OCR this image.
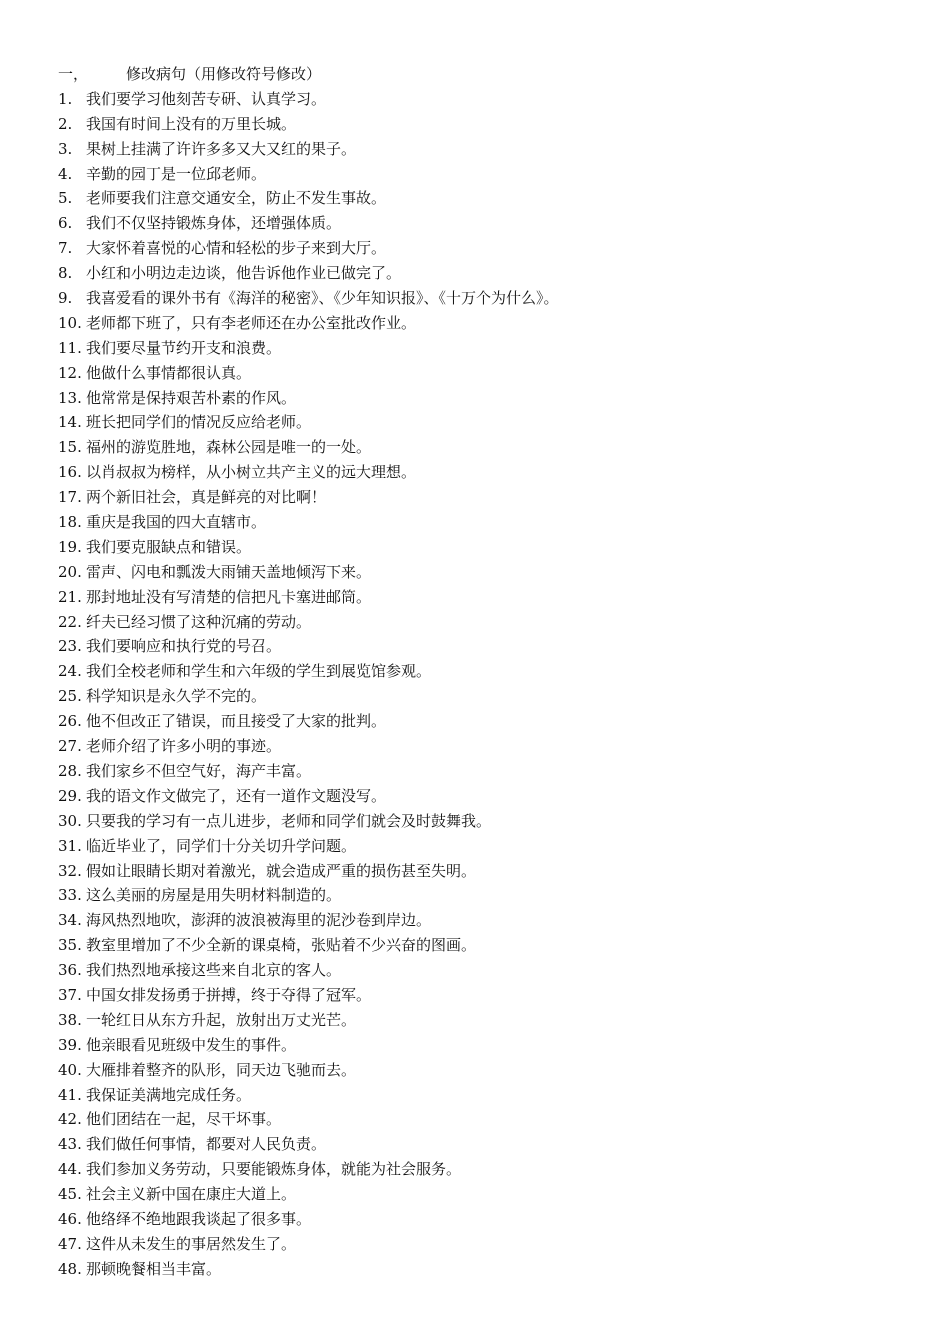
一，	修改病句（用修改符号修改）
1. 我们要学习他刻苦专研、认真学习。
2. 我国有时间上没有的万里长城。
3. 果树上挂满了许许多多又大又红的果子。
4. 辛勤的园丁是一位邱老师。
5. 老师要我们注意交通安全，防止不发生事故。
6. 我们不仅坚持锻炼身体，还增强体质。
7. 大家怀着喜悦的心情和轻松的步子来到大厅。
8. 小红和小明边走边谈，他告诉他作业已做完了。
9. 我喜爱看的课外书有《海洋的秘密》、《少年知识报》、《十万个为什么》。
10. 老师都下班了，只有李老师还在办公室批改作业。
11. 我们要尽量节约开支和浪费。
12. 他做什么事情都很认真。
13. 他常常是保持艰苦朴素的作风。
14. 班长把同学们的情况反应给老师。
15. 福州的游览胜地，森林公园是唯一的一处。
16. 以肖叔叔为榜样，从小树立共产主义的远大理想。
17. 两个新旧社会，真是鲜亮的对比啊！
18. 重庆是我国的四大直辖市。
19. 我们要克服缺点和错误。
20. 雷声、闪电和瓢泼大雨铺天盖地倾泻下来。
21. 那封地址没有写清楚的信把凡卡塞进邮筒。
22. 纤夫已经习惯了这种沉痛的劳动。
23. 我们要响应和执行党的号召。
24. 我们全校老师和学生和六年级的学生到展览馆参观。
25. 科学知识是永久学不完的。
26. 他不但改正了错误，而且接受了大家的批判。
27. 老师介绍了许多小明的事迹。
28. 我们家乡不但空气好，海产丰富。
29. 我的语文作文做完了，还有一道作文题没写。
30. 只要我的学习有一点儿进步，老师和同学们就会及时鼓舞我。
31. 临近毕业了，同学们十分关切升学问题。
32. 假如让眼睛长期对着激光，就会造成严重的损伤甚至失明。
33. 这么美丽的房屋是用失明材料制造的。
34. 海风热烈地吹，澎湃的波浪被海里的泥沙卷到岸边。
35. 教室里增加了不少全新的课桌椅，张贴着不少兴奋的图画。
36. 我们热烈地承接这些来自北京的客人。
37. 中国女排发扬勇于拼搏，终于夺得了冠军。
38. 一轮红日从东方升起，放射出万丈光芒。
39. 他亲眼看见班级中发生的事件。
40. 大雁排着整齐的队形，同天边飞驰而去。
41. 我保证美满地完成任务。
42. 他们团结在一起，尽干坏事。
43. 我们做任何事情，都要对人民负责。
44. 我们参加义务劳动，只要能锻炼身体，就能为社会服务。
45. 社会主义新中国在康庄大道上。
46. 他络绎不绝地跟我谈起了很多事。
47. 这件从未发生的事居然发生了。
48. 那顿晚餐相当丰富。
